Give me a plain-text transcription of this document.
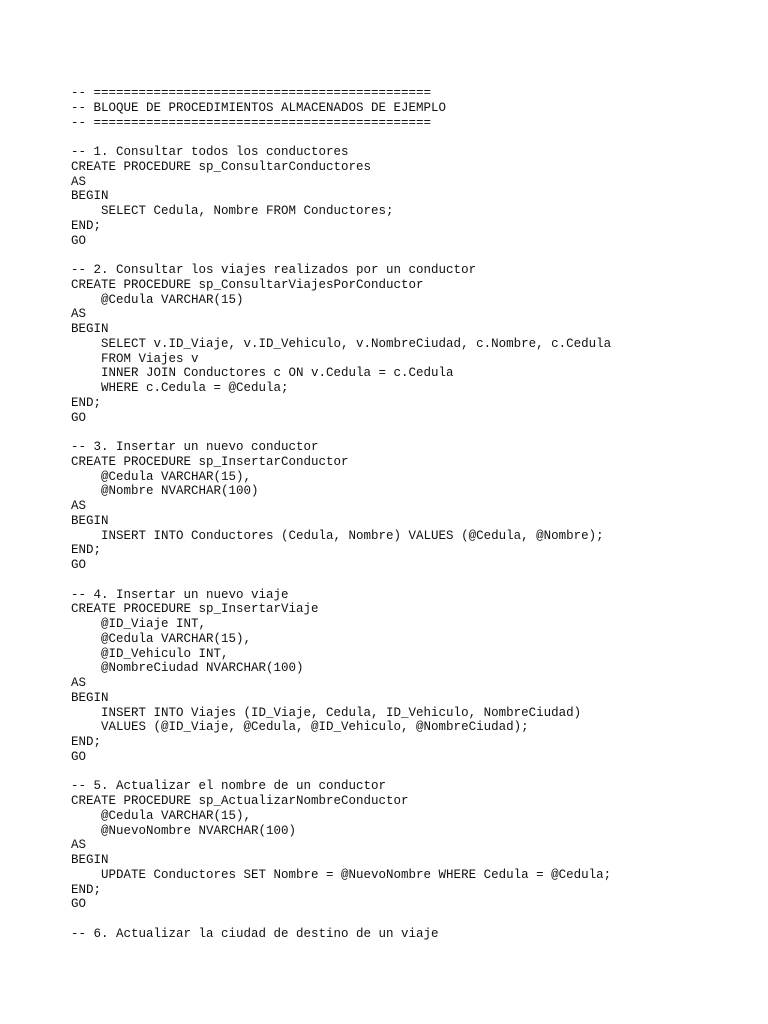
-- =============================================
-- BLOQUE DE PROCEDIMIENTOS ALMACENADOS DE EJEMPLO
-- =============================================
-- 1. Consultar todos los conductores
CREATE PROCEDURE sp_ConsultarConductores
AS
BEGIN
SELECT Cedula, Nombre FROM Conductores;
END;
GO
-- 2. Consultar los viajes realizados por un conductor
CREATE PROCEDURE sp_ConsultarViajesPorConductor
@Cedula VARCHAR(15)
AS
BEGIN
SELECT v.ID_Viaje, v.ID_Vehiculo, v.NombreCiudad, c.Nombre, c.Cedula
FROM Viajes v
INNER JOIN Conductores c ON v.Cedula = c.Cedula
WHERE c.Cedula = @Cedula;
END;
GO
-- 3. Insertar un nuevo conductor
CREATE PROCEDURE sp_InsertarConductor
@Cedula VARCHAR(15),
@Nombre NVARCHAR(100)
AS
BEGIN
INSERT INTO Conductores (Cedula, Nombre) VALUES (@Cedula, @Nombre);
END;
GO
-- 4. Insertar un nuevo viaje
CREATE PROCEDURE sp_InsertarViaje
@ID_Viaje INT,
@Cedula VARCHAR(15),
@ID_Vehiculo INT,
@NombreCiudad NVARCHAR(100)
AS
BEGIN
INSERT INTO Viajes (ID_Viaje, Cedula, ID_Vehiculo, NombreCiudad)
VALUES (@ID_Viaje, @Cedula, @ID_Vehiculo, @NombreCiudad);
END;
GO
-- 5. Actualizar el nombre de un conductor
CREATE PROCEDURE sp_ActualizarNombreConductor
@Cedula VARCHAR(15),
@NuevoNombre NVARCHAR(100)
AS
BEGIN
UPDATE Conductores SET Nombre = @NuevoNombre WHERE Cedula = @Cedula;
END;
GO
-- 6. Actualizar la ciudad de destino de un viaje
